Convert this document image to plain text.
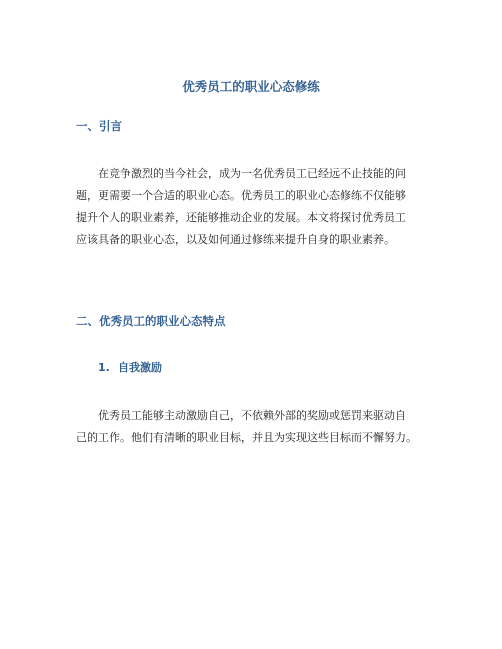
优秀员工的职业心态修练
一、引言
在竞争激烈的当今社会，成为一名优秀员工已经远不止技能的问
题，更需要一个合适的职业心态。优秀员工的职业心态修练不仅能够
提升个人的职业素养，还能够推动企业的发展。本文将探讨优秀员工
应该具备的职业心态，以及如何通过修练来提升自身的职业素养。
二、优秀员工的职业心态特点
1. 自我激励
优秀员工能够主动激励自己，不依赖外部的奖励或惩罚来驱动自
己的工作。他们有清晰的职业目标，并且为实现这些目标而不懈努力。
